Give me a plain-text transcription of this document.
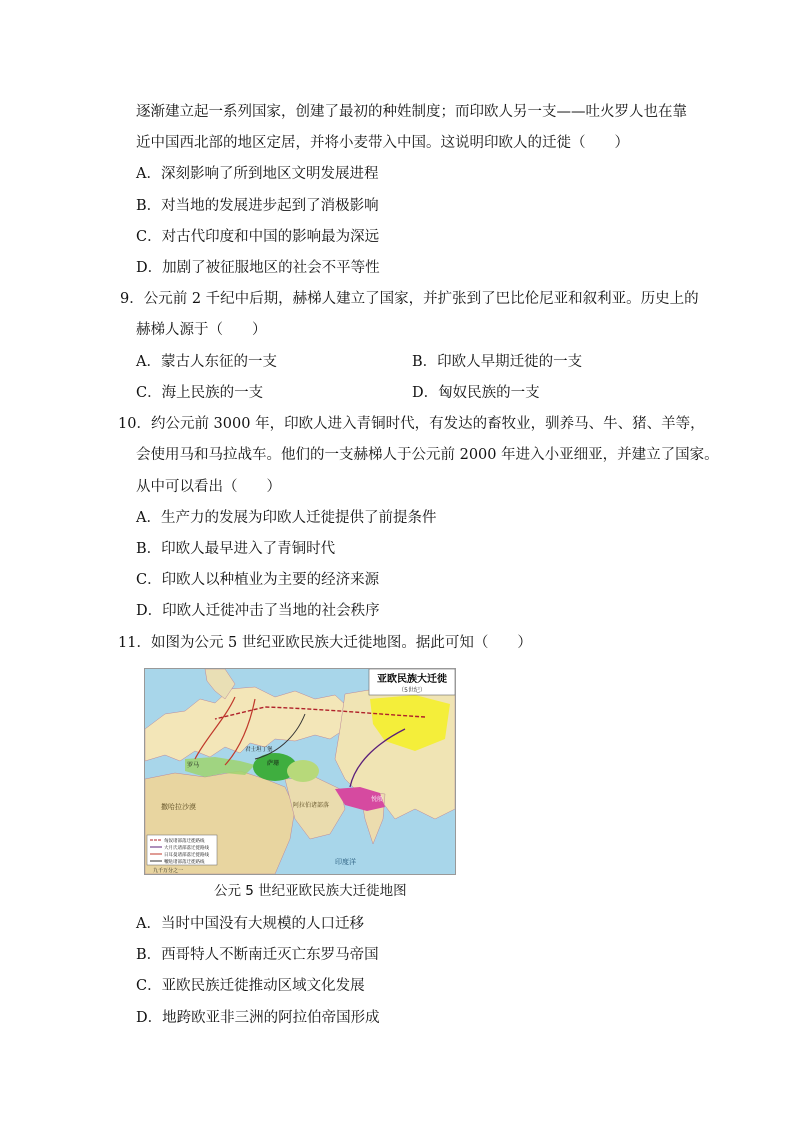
逐渐建立起一系列国家，创建了最初的种姓制度；而印欧人另一支——吐火罗人也在靠
近中国西北部的地区定居，并将小麦带入中国。这说明印欧人的迁徙（　　）
A．深刻影响了所到地区文明发展进程
B．对当地的发展进步起到了消极影响
C．对古代印度和中国的影响最为深远
D．加剧了被征服地区的社会不平等性
9．公元前 2 千纪中后期，赫梯人建立了国家，并扩张到了巴比伦尼亚和叙利亚。历史上的
赫梯人源于（　　）
A．蒙古人东征的一支	B．印欧人早期迁徙的一支
C．海上民族的一支	D．匈奴民族的一支
10．约公元前 3000 年，印欧人进入青铜时代，有发达的畜牧业，驯养马、牛、猪、羊等，
会使用马和马拉战车。他们的一支赫梯人于公元前 2000 年进入小亚细亚，并建立了国家。
从中可以看出（　　）
A．生产力的发展为印欧人迁徙提供了前提条件
B．印欧人最早进入了青铜时代
C．印欧人以种植业为主要的经济来源
D．印欧人迁徙冲击了当地的社会秩序
11．如图为公元 5 世纪亚欧民族大迁徙地图。据此可知（　　）
亚欧民族大迁徙
（5世纪）
撒哈拉沙漠	阿拉伯诸部落
印度洋
君士坦丁堡
萨珊
罗马
悦般
匈奴诸部落迁徙路线
大月氏诸部落迁徙路线
日耳曼诸部落迁徙路线
嚈哒诸部落迁徙路线
九千万分之一
公元 5 世纪亚欧民族大迁徙地图
A．当时中国没有大规模的人口迁移
B．西哥特人不断南迁灭亡东罗马帝国
C．亚欧民族迁徙推动区域文化发展
D．地跨欧亚非三洲的阿拉伯帝国形成
